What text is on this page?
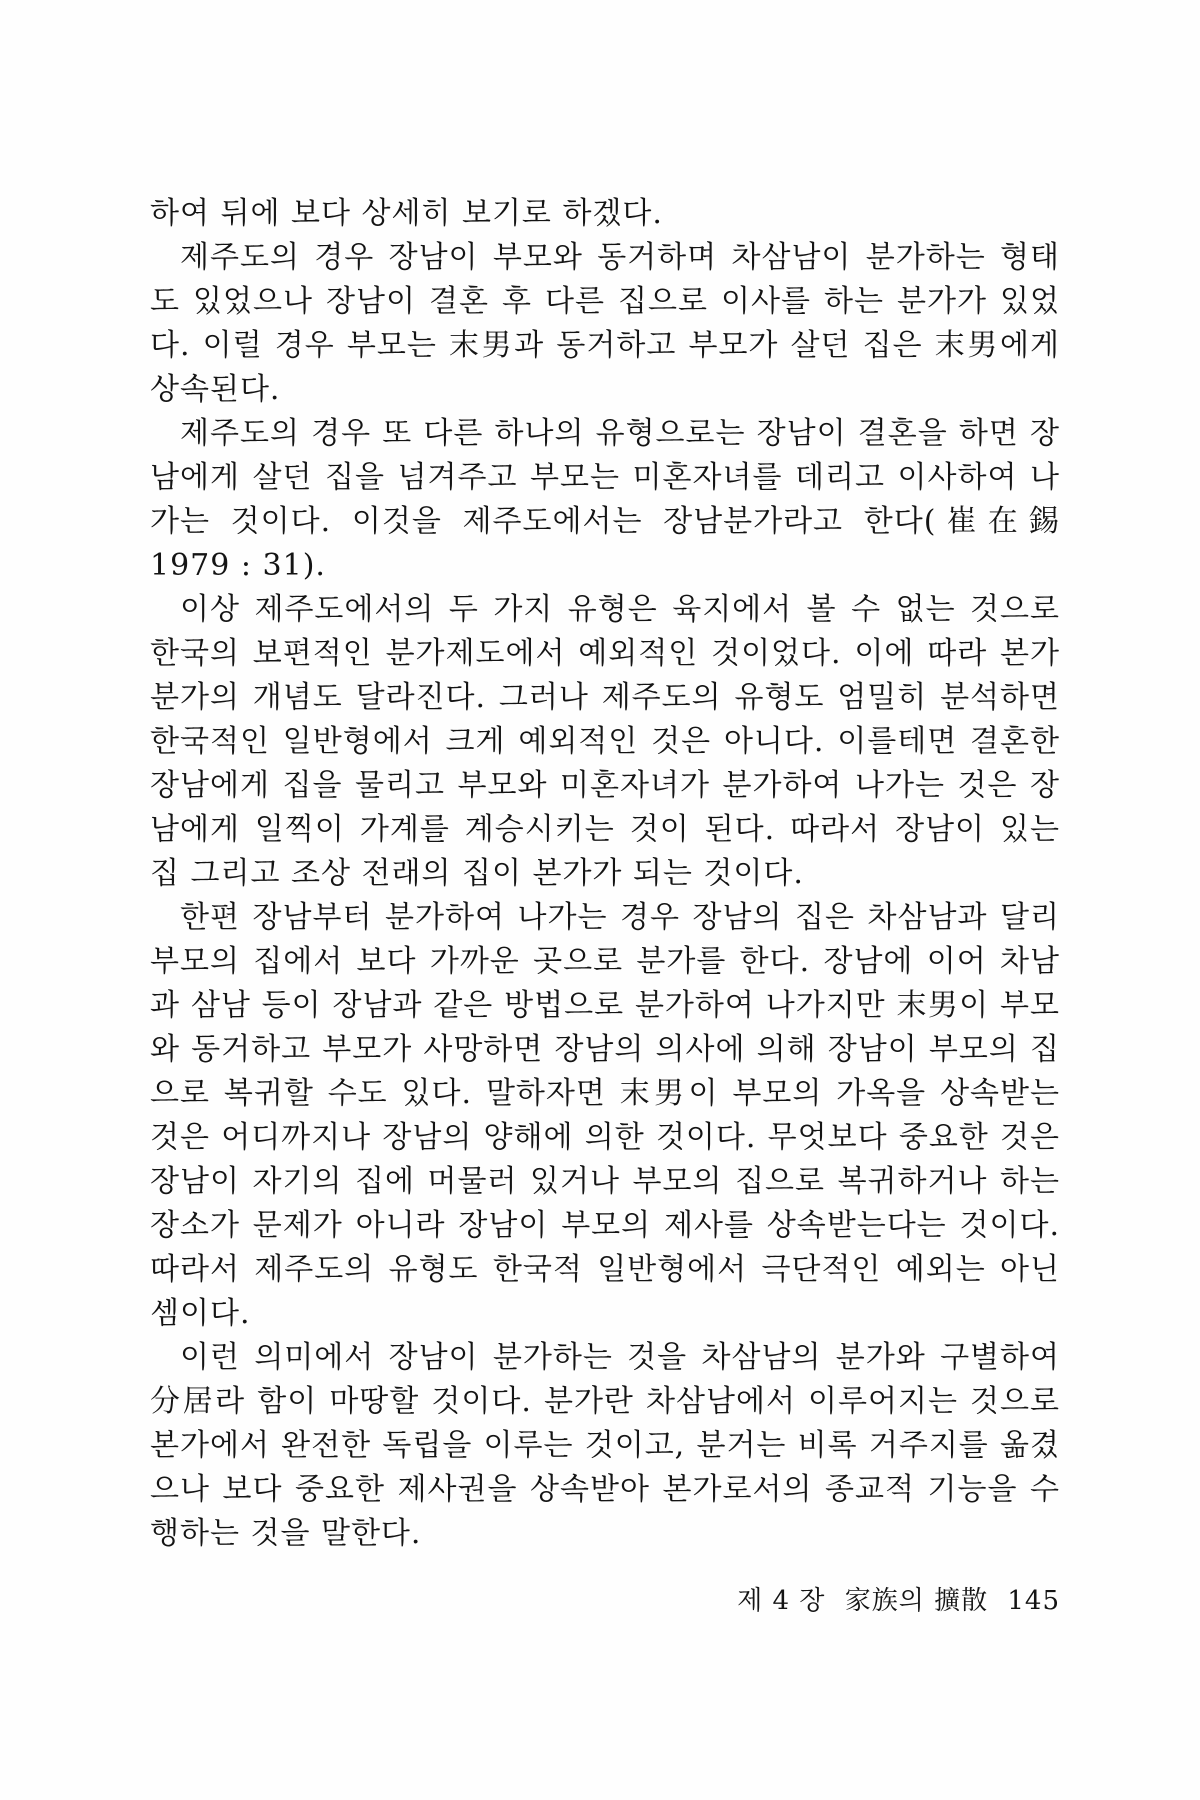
하여 뒤에 보다 상세히 보기로 하겠다.

제주도의 경우 장남이 부모와 동거하며 차삼남이 분가하는 형태도 있었으나 장남이 결혼 후 다른 집으로 이사를 하는 분가가 있었다. 이럴 경우 부모는 末男과 동거하고 부모가 살던 집은 末男에게 상속된다.

제주도의 경우 또 다른 하나의 유형으로는 장남이 결혼을 하면 장남에게 살던 집을 넘겨주고 부모는 미혼자녀를 데리고 이사하여 나가는 것이다. 이것을 제주도에서는 장남분가라고 한다(崔在錫 1979 : 31).

이상 제주도에서의 두 가지 유형은 육지에서 볼 수 없는 것으로 한국의 보편적인 분가제도에서 예외적인 것이었다. 이에 따라 본가 분가의 개념도 달라진다. 그러나 제주도의 유형도 엄밀히 분석하면 한국적인 일반형에서 크게 예외적인 것은 아니다. 이를테면 결혼한 장남에게 집을 물리고 부모와 미혼자녀가 분가하여 나가는 것은 장남에게 일찍이 가계를 계승시키는 것이 된다. 따라서 장남이 있는 집 그리고 조상 전래의 집이 본가가 되는 것이다.

한편 장남부터 분가하여 나가는 경우 장남의 집은 차삼남과 달리 부모의 집에서 보다 가까운 곳으로 분가를 한다. 장남에 이어 차남과 삼남 등이 장남과 같은 방법으로 분가하여 나가지만 末男이 부모와 동거하고 부모가 사망하면 장남의 의사에 의해 장남이 부모의 집으로 복귀할 수도 있다. 말하자면 末男이 부모의 가옥을 상속받는 것은 어디까지나 장남의 양해에 의한 것이다. 무엇보다 중요한 것은 장남이 자기의 집에 머물러 있거나 부모의 집으로 복귀하거나 하는 장소가 문제가 아니라 장남이 부모의 제사를 상속받는다는 것이다. 따라서 제주도의 유형도 한국적 일반형에서 극단적인 예외는 아닌 셈이다.

이런 의미에서 장남이 분가하는 것을 차삼남의 분가와 구별하여 分居라 함이 마땅할 것이다. 분가란 차삼남에서 이루어지는 것으로 본가에서 완전한 독립을 이루는 것이고, 분거는 비록 거주지를 옮겼으나 보다 중요한 제사권을 상속받아 본가로서의 종교적 기능을 수행하는 것을 말한다.

제 4 장 家族의 擴散 145
